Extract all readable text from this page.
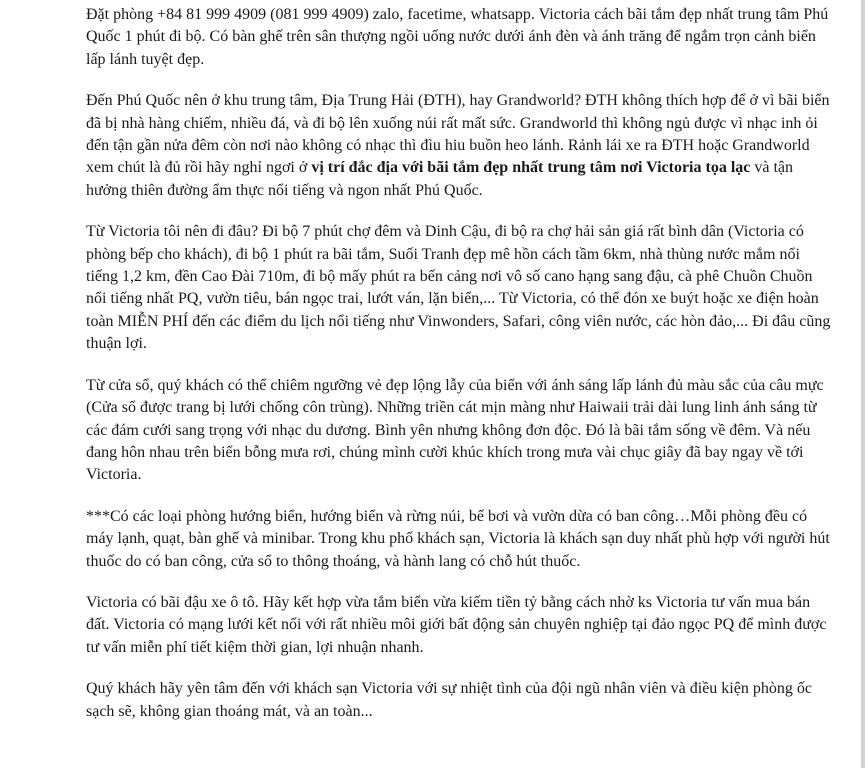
Đặt phòng +84 81 999 4909 (081 999 4909) zalo, facetime, whatsapp. Victoria cách bãi tắm đẹp nhất trung tâm Phú Quốc 1 phút đi bộ. Có bàn ghế trên sân thượng ngồi uống nước dưới ánh đèn và ánh trăng để ngắm trọn cảnh biển lấp lánh tuyệt đẹp.

Đến Phú Quốc nên ở khu trung tâm, Địa Trung Hải (ĐTH), hay Grandworld? ĐTH không thích hợp để ở vì bãi biển đã bị nhà hàng chiếm, nhiều đá, và đi bộ lên xuống núi rất mất sức. Grandworld thì không ngủ được vì nhạc inh ỏi đến tận gần nửa đêm còn nơi nào không có nhạc thì đìu hiu buồn heo lánh. Rảnh lái xe ra ĐTH hoặc Grandworld xem chút là đủ rồi hãy nghỉ ngơi ở vị trí đắc địa với bãi tắm đẹp nhất trung tâm nơi Victoria tọa lạc và tận hưởng thiên đường ẩm thực nổi tiếng và ngon nhất Phú Quốc.

Từ Victoria tôi nên đi đâu? Đi bộ 7 phút chợ đêm và Dinh Cậu, đi bộ ra chợ hải sản giá rất bình dân (Victoria có phòng bếp cho khách), đi bộ 1 phút ra bãi tắm, Suối Tranh đẹp mê hồn cách tầm 6km, nhà thùng nước mắm nổi tiếng 1,2 km, đền Cao Đài 710m, đi bộ mấy phút ra bến cảng nơi vô số cano hạng sang đậu, cà phê Chuồn Chuồn nổi tiếng nhất PQ, vườn tiêu, bán ngọc trai, lướt ván, lặn biển,... Từ Victoria, có thể đón xe buýt hoặc xe điện hoàn toàn MIỄN PHÍ đến các điểm du lịch nổi tiếng như Vinwonders, Safari, công viên nước, các hòn đảo,... Đi đâu cũng thuận lợi.

Từ cửa sổ, quý khách có thể chiêm ngưỡng vẻ đẹp lộng lẫy của biển với ánh sáng lấp lánh đủ màu sắc của câu mực (Cửa sổ được trang bị lưới chống côn trùng). Những triền cát mịn màng như Haiwaii trải dài lung linh ánh sáng từ các đám cưới sang trọng với nhạc du dương. Bình yên nhưng không đơn độc. Đó là bãi tắm sống về đêm. Và nếu đang hôn nhau trên biển bỗng mưa rơi, chúng mình cười khúc khích trong mưa vài chục giây đã bay ngay về tới Victoria.

***Có các loại phòng hướng biển, hướng biển và rừng núi, bể bơi và vườn dừa có ban công…Mỗi phòng đều có máy lạnh, quạt, bàn ghế và minibar. Trong khu phố khách sạn, Victoria là khách sạn duy nhất phù hợp với người hút thuốc do có ban công, cửa sổ to thông thoáng, và hành lang có chỗ hút thuốc.

Victoria có bãi đậu xe ô tô. Hãy kết hợp vừa tắm biển vừa kiếm tiền tỷ bằng cách nhờ ks Victoria tư vấn mua bán đất. Victoria có mạng lưới kết nối với rất nhiều môi giới bất động sản chuyên nghiệp tại đảo ngọc PQ để mình được tư vấn miễn phí tiết kiệm thời gian, lợi nhuận nhanh.

Quý khách hãy yên tâm đến với khách sạn Victoria với sự nhiệt tình của đội ngũ nhân viên và điều kiện phòng ốc sạch sẽ, không gian thoáng mát, và an toàn...
